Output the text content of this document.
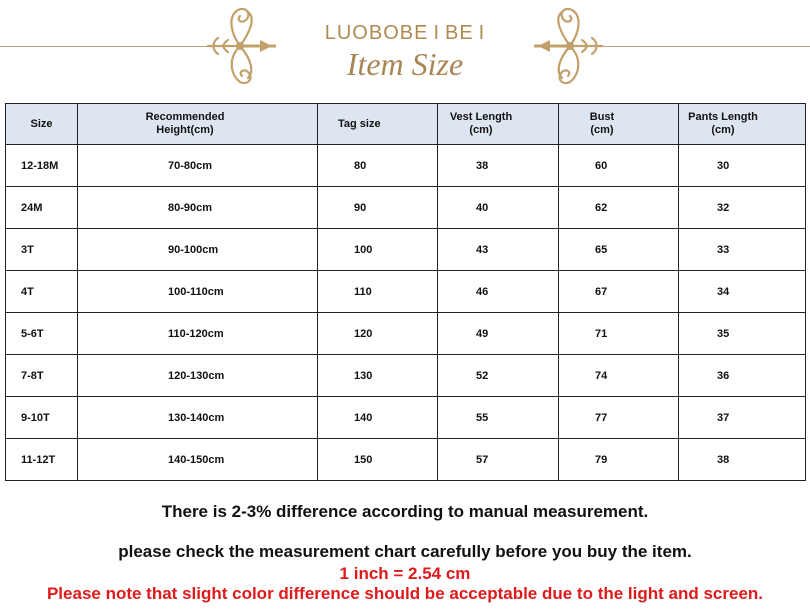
LUOBOBE I BE I
Item Size
Size	Recommended Height(cm)	Tag size	Vest Length (cm)	Bust (cm)	Pants Length (cm)

12-18M	70-80cm	80	38	60	30
24M	80-90cm	90	40	62	32
3T	90-100cm	100	43	65	33
4T	100-110cm	110	46	67	34
5-6T	110-120cm	120	49	71	35
7-8T	120-130cm	130	52	74	36
9-10T	130-140cm	140	55	77	37
11-12T	140-150cm	150	57	79	38
There is 2-3% difference according to manual measurement.
please check the measurement chart carefully before you buy the item.
1 inch = 2.54 cm
Please note that slight color difference should be acceptable due to the light and screen.
